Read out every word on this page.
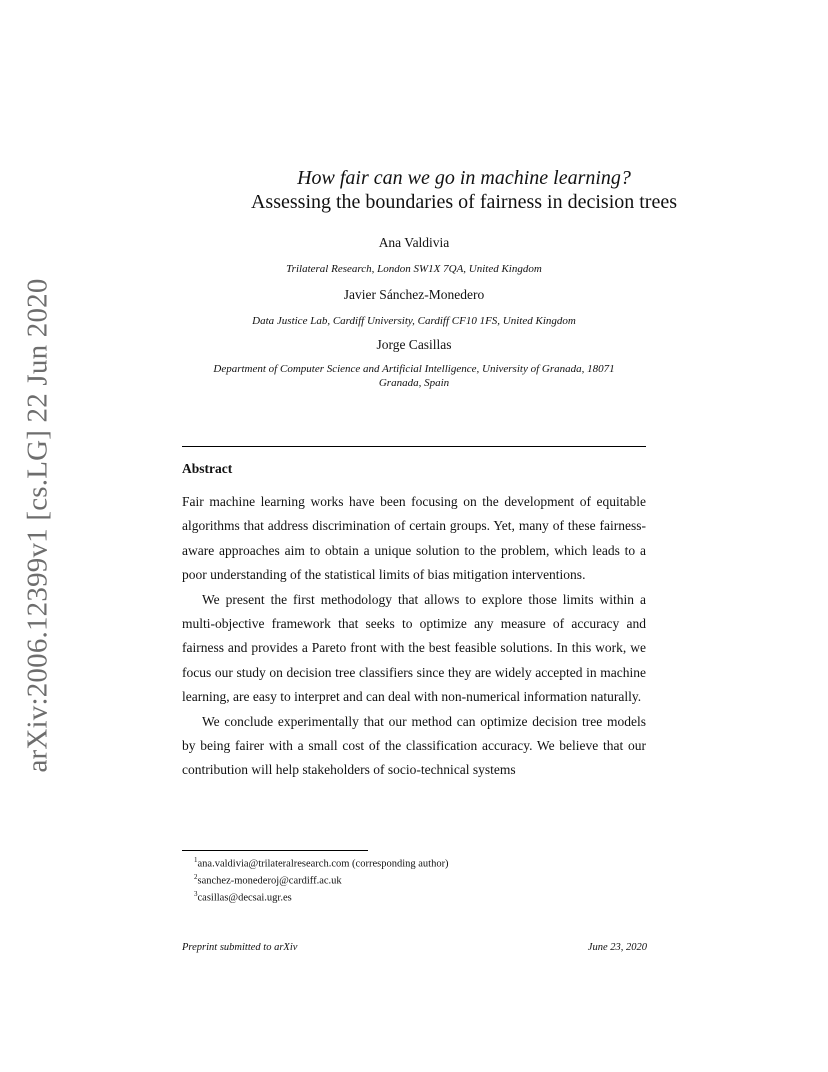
arXiv:2006.12399v1 [cs.LG] 22 Jun 2020
How fair can we go in machine learning?
Assessing the boundaries of fairness in decision trees
Ana Valdivia
Trilateral Research, London SW1X 7QA, United Kingdom
Javier Sánchez-Monedero
Data Justice Lab, Cardiff University, Cardiff CF10 1FS, United Kingdom
Jorge Casillas
Department of Computer Science and Artificial Intelligence, University of Granada, 18071
Granada, Spain
Abstract

Fair machine learning works have been focusing on the development of equitable algorithms that address discrimination of certain groups. Yet, many of these fairness-aware approaches aim to obtain a unique solution to the problem, which leads to a poor understanding of the statistical limits of bias mitigation interventions.

We present the first methodology that allows to explore those limits within a multi-objective framework that seeks to optimize any measure of accuracy and fairness and provides a Pareto front with the best feasible solutions. In this work, we focus our study on decision tree classifiers since they are widely accepted in machine learning, are easy to interpret and can deal with non-numerical information naturally.

We conclude experimentally that our method can optimize decision tree models by being fairer with a small cost of the classification accuracy. We believe that our contribution will help stakeholders of socio-technical systems

$^1$ana.valdivia@trilateralresearch.com (corresponding author)
$^2$sanchez-monederoj@cardiff.ac.uk
$^3$casillas@decsai.ugr.es
Preprint submitted to arXiv	June 23, 2020
